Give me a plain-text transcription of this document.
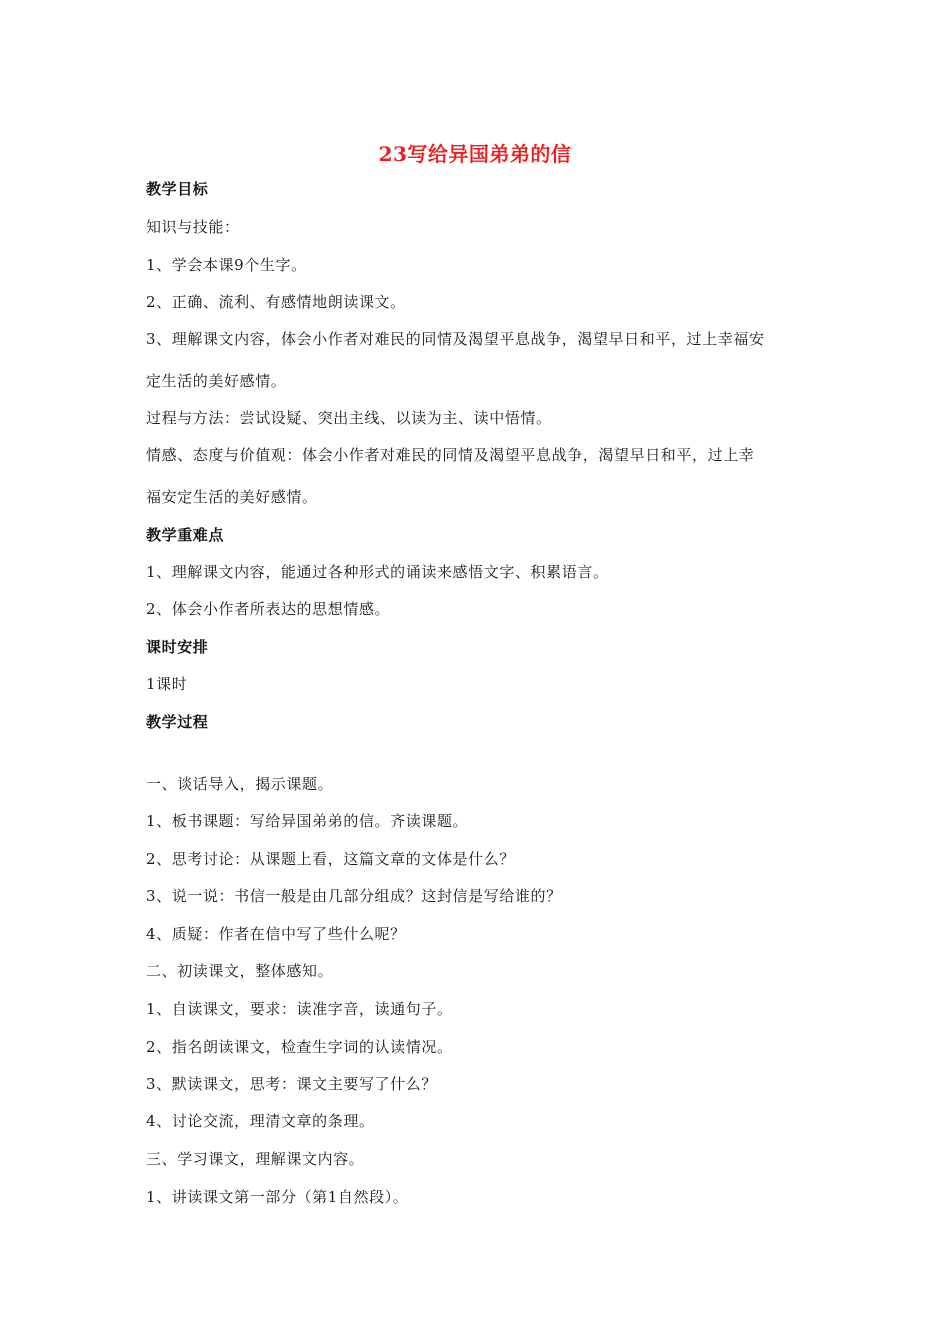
23写给异国弟弟的信
教学目标
知识与技能：
1、学会本课9个生字。
2、正确、流利、有感情地朗读课文。
3、理解课文内容，体会小作者对难民的同情及渴望平息战争，渴望早日和平，过上幸福安
定生活的美好感情。
过程与方法：尝试设疑、突出主线、以读为主、读中悟情。
情感、态度与价值观：体会小作者对难民的同情及渴望平息战争，渴望早日和平，过上幸
福安定生活的美好感情。
教学重难点
1、理解课文内容，能通过各种形式的诵读来感悟文字、积累语言。
2、体会小作者所表达的思想情感。
课时安排
1课时
教学过程
一、谈话导入，揭示课题。
1、板书课题：写给异国弟弟的信。齐读课题。
2、思考讨论：从课题上看，这篇文章的文体是什么？
3、说一说：书信一般是由几部分组成？这封信是写给谁的？
4、质疑：作者在信中写了些什么呢？
二、初读课文，整体感知。
1、自读课文，要求：读准字音，读通句子。
2、指名朗读课文，检查生字词的认读情况。
3、默读课文，思考：课文主要写了什么？
4、讨论交流，理清文章的条理。
三、学习课文，理解课文内容。
1、讲读课文第一部分（第1自然段）。
